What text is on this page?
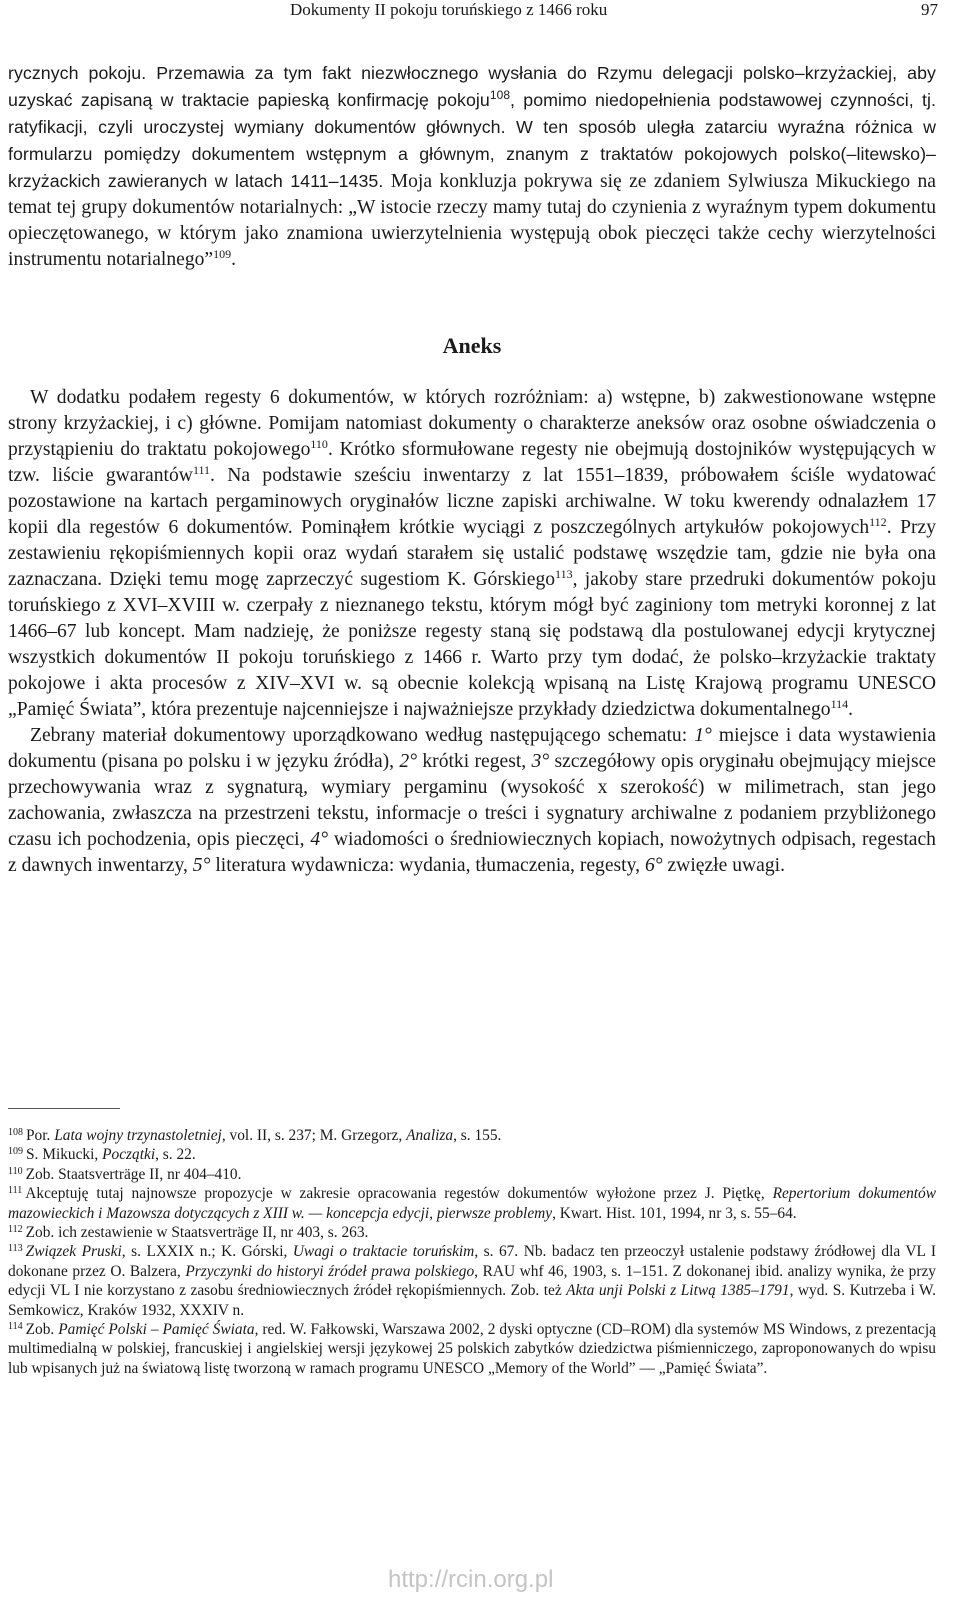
Dokumenty II pokoju toruńskiego z 1466 roku	97

rycznych pokoju. Przemawia za tym fakt niezwłocznego wysłania do Rzymu delegacji polsko–krzyżackiej, aby uzyskać zapisaną w traktacie papieską konfirmację pokoju$^{108}$, pomimo niedopełnienia podstawowej czynności, tj. ratyfikacji, czyli uroczystej wymiany dokumentów głównych. W ten sposób uległa zatarciu wyraźna różnica w formularzu pomiędzy dokumentem wstępnym a głównym, znanym z traktatów pokojowych polsko(–litewsko)–krzyżackich zawieranych w latach 1411–1435. Moja konkluzja pokrywa się ze zdaniem Sylwiusza Mikuckiego na temat tej grupy dokumentów notarialnych: „W istocie rzeczy mamy tutaj do czynienia z wyraźnym typem dokumentu opieczętowanego, w którym jako znamiona uwierzytelnienia występują obok pieczęci także cechy wierzytelności instrumentu notarialnego”$^{109}$.

Aneks

W dodatku podałem regesty 6 dokumentów, w których rozróżniam: a) wstępne, b) zakwestionowane wstępne strony krzyżackiej, i c) główne. Pomijam natomiast dokumenty o charakterze aneksów oraz osobne oświadczenia o przystąpieniu do traktatu pokojowego$^{110}$. Krótko sformułowane regesty nie obejmują dostojników występujących w tzw. liście gwarantów$^{111}$. Na podstawie sześciu inwentarzy z lat 1551–1839, próbowałem ściśle wydatować pozostawione na kartach pergaminowych oryginałów liczne zapiski archiwalne. W toku kwerendy odnalazłem 17 kopii dla regestów 6 dokumentów. Pominąłem krótkie wyciągi z poszczególnych artykułów pokojowych$^{112}$. Przy zestawieniu rękopiśmiennych kopii oraz wydań starałem się ustalić podstawę wszędzie tam, gdzie nie była ona zaznaczana. Dzięki temu mogę zaprzeczyć sugestiom K. Górskiego$^{113}$, jakoby stare przedruki dokumentów pokoju toruńskiego z XVI–XVIII w. czerpały z nieznanego tekstu, którym mógł być zaginiony tom metryki koronnej z lat 1466–67 lub koncept. Mam nadzieję, że poniższe regesty staną się podstawą dla postulowanej edycji krytycznej wszystkich dokumentów II pokoju toruńskiego z 1466 r. Warto przy tym dodać, że polsko–krzyżackie traktaty pokojowe i akta procesów z XIV–XVI w. są obecnie kolekcją wpisaną na Listę Krajową programu UNESCO „Pamięć Świata”, która prezentuje najcenniejsze i najważniejsze przykłady dziedzictwa dokumentalnego$^{114}$.

Zebrany materiał dokumentowy uporządkowano według następującego schematu: 1° miejsce i data wystawienia dokumentu (pisana po polsku i w języku źródła), 2° krótki regest, 3° szczegółowy opis oryginału obejmujący miejsce przechowywania wraz z sygnaturą, wymiary pergaminu (wysokość x szerokość) w milimetrach, stan jego zachowania, zwłaszcza na przestrzeni tekstu, informacje o treści i sygnatury archiwalne z podaniem przybliżonego czasu ich pochodzenia, opis pieczęci, 4° wiadomości o średniowiecznych kopiach, nowożytnych odpisach, regestach z dawnych inwentarzy, 5° literatura wydawnicza: wydania, tłumaczenia, regesty, 6° zwięzłe uwagi.

$^{108}$ Por. Lata wojny trzynastoletniej, vol. II, s. 237; M. Grzegorz, Analiza, s. 155.

$^{109}$ S. Mikucki, Początki, s. 22.

$^{110}$ Zob. Staatsverträge II, nr 404–410.

$^{111}$ Akceptuję tutaj najnowsze propozycje w zakresie opracowania regestów dokumentów wyłożone przez J. Piętkę, Repertorium dokumentów mazowieckich i Mazowsza dotyczących z XIII w. — koncepcja edycji, pierwsze problemy, Kwart. Hist. 101, 1994, nr 3, s. 55–64.

$^{112}$ Zob. ich zestawienie w Staatsverträge II, nr 403, s. 263.

$^{113}$ Związek Pruski, s. LXXIX n.; K. Górski, Uwagi o traktacie toruńskim, s. 67. Nb. badacz ten przeoczył ustalenie podstawy źródłowej dla VL I dokonane przez O. Balzera, Przyczynki do historyi źródeł prawa polskiego, RAU whf 46, 1903, s. 1–151. Z dokonanej ibid. analizy wynika, że przy edycji VL I nie korzystano z zasobu średniowiecznych źródeł rękopiśmiennych. Zob. też Akta unji Polski z Litwą 1385–1791, wyd. S. Kutrzeba i W. Semkowicz, Kraków 1932, XXXIV n.

$^{114}$ Zob. Pamięć Polski – Pamięć Świata, red. W. Fałkowski, Warszawa 2002, 2 dyski optyczne (CD–ROM) dla systemów MS Windows, z prezentacją multimedialną w polskiej, francuskiej i angielskiej wersji językowej 25 polskich zabytków dziedzictwa piśmienniczego, zaproponowanych do wpisu lub wpisanych już na światową listę tworzoną w ramach programu UNESCO „Memory of the World” — „Pamięć Świata”.

http://rcin.org.pl
